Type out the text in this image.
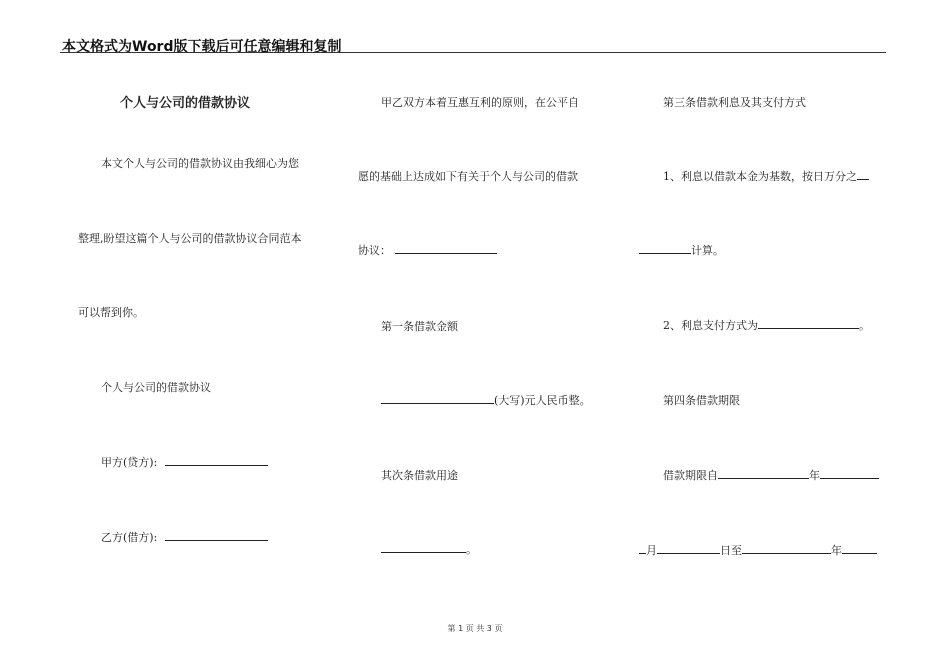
本文格式为Word版下载后可任意编辑和复制
个人与公司的借款协议
本文个人与公司的借款协议由我细心为您
整理,盼望这篇个人与公司的借款协议合同范本
可以帮到你。
个人与公司的借款协议
甲方(贷方):
乙方(借方):
甲乙双方本着互惠互利的原则，在公平自
愿的基础上达成如下有关于个人与公司的借款
协议：
第一条借款金额
(大写)元人民币整。
其次条借款用途
。
第三条借款利息及其支付方式
1、利息以借款本金为基数，按日万分之
计算。
2、利息支付方式为	。
第四条借款期限
借款期限自	年
月	日至	年
第 1 页 共 3 页
